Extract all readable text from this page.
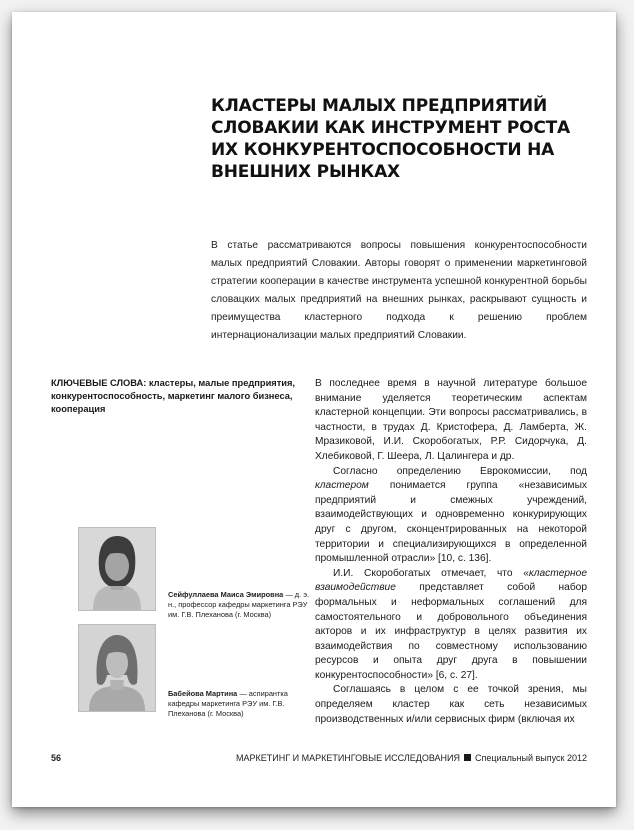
КЛАСТЕРЫ МАЛЫХ ПРЕДПРИЯТИЙ СЛОВАКИИ КАК ИНСТРУМЕНТ РОСТА ИХ КОНКУРЕНТОСПОСОБНОСТИ НА ВНЕШНИХ РЫНКАХ

В статье рассматриваются вопросы повышения конкурентоспособности малых предприятий Словакии. Авторы говорят о применении маркетинговой стратегии кооперации в качестве инструмента успешной конкурентной борьбы словацких малых предприятий на внешних рынках, раскрывают сущность и преимущества кластерного подхода к решению проблем интернационализации малых предприятий Словакии.

КЛЮЧЕВЫЕ СЛОВА: кластеры, малые предприятия, конкурентоспособность, маркетинг малого бизнеса, кооперация

В последнее время в научной литературе большое внимание уделяется теоретическим аспектам кластерной концепции. Эти вопросы рассматривались, в частности, в трудах Д. Кристофера, Д. Ламберта, Ж. Мразиковой, И.И. Скоробогатых, Р.Р. Сидорчука, Д. Хлебиковой, Г. Шеера, Л. Цалингера и др.

Согласно определению Еврокомиссии, под кластером понимается группа «независимых предприятий и смежных учреждений, взаимодействующих и одновременно конкурирующих друг с другом, сконцентрированных на некоторой территории и специализирующихся в определенной промышленной отрасли» [10, с. 136].

И.И. Скоробогатых отмечает, что «кластерное взаимодействие представляет собой набор формальных и неформальных соглашений для самостоятельного и добровольного объединения акторов и их инфраструктур в целях развития их взаимодействия по совместному использованию ресурсов и опыта друг друга в повышении конкурентоспособности» [6, с. 27].

Соглашаясь в целом с ее точкой зрения, мы определяем кластер как сеть независимых производственных и/или сервисных фирм (включая их

Сейфуллаева Маиса Эмировна — д. э. н., профессор кафедры маркетинга РЭУ им. Г.В. Плеханова (г. Москва)
Бабейова Мартина — аспирантка кафедры маркетинга РЭУ им. Г.В. Плеханова (г. Москва)
56	МАРКЕТИНГ И МАРКЕТИНГОВЫЕ ИССЛЕДОВАНИЯ Специальный выпуск 2012
